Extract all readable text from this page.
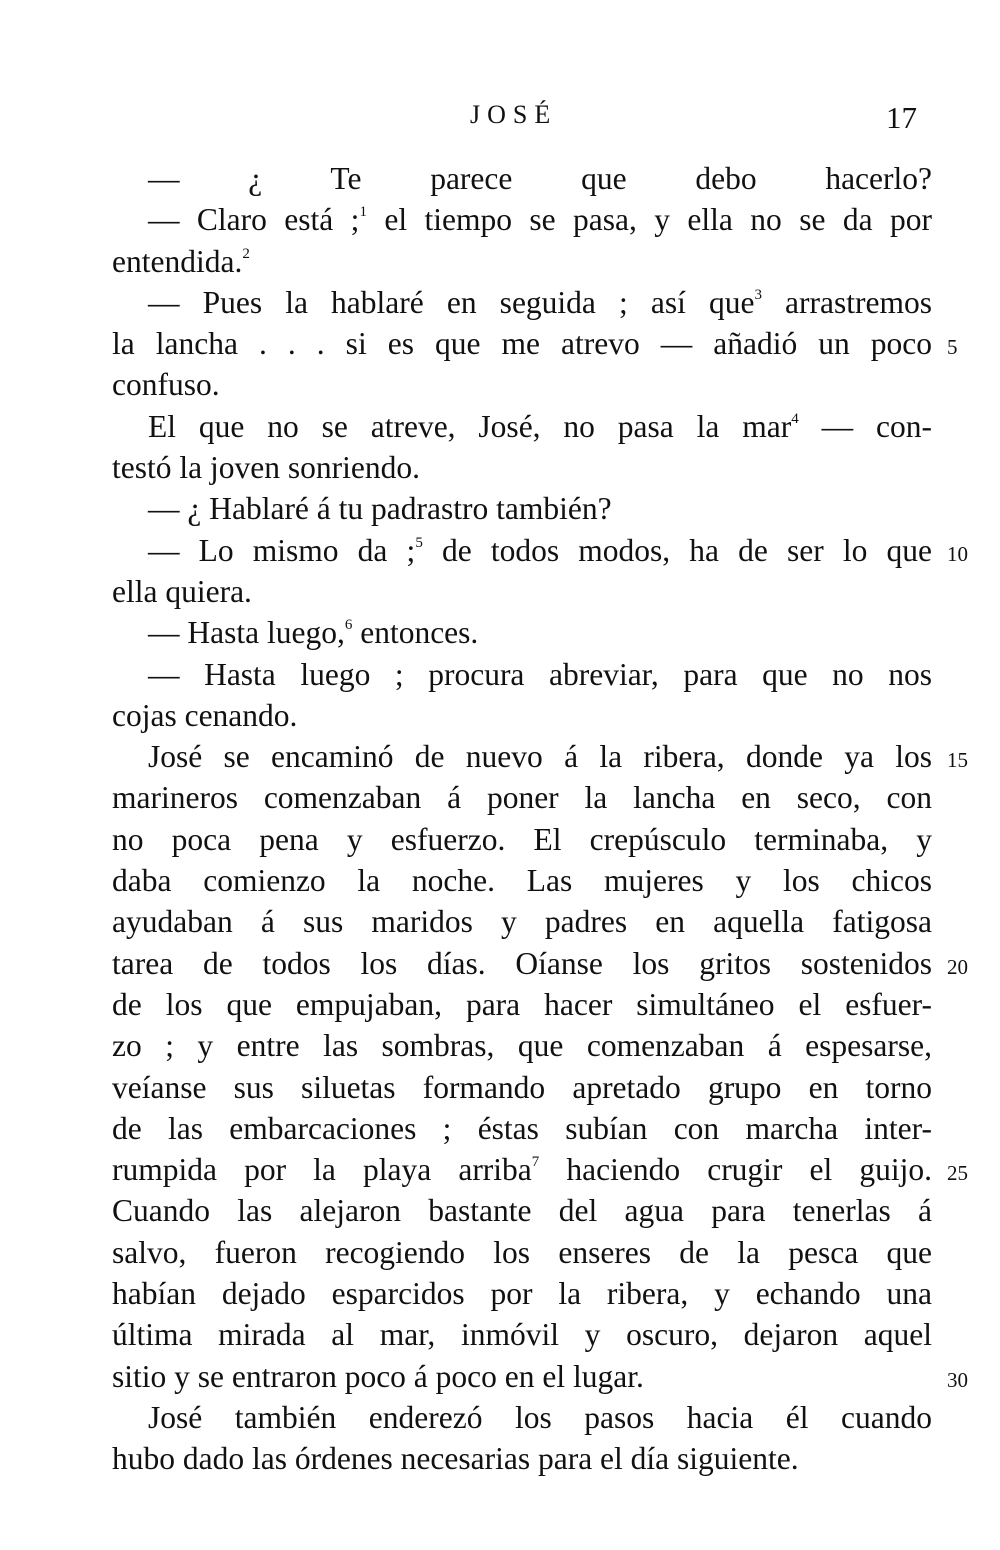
JOSÉ	17
— ¿ Te parece que debo hacerlo?
— Claro está ;$^1$ el tiempo se pasa, y ella no se da por
entendida.$^2$
— Pues la hablaré en seguida ; así que$^3$ arrastremos
la lancha . . . si es que me atrevo — añadió un poco 5
confuso.
El que no se atreve, José, no pasa la mar$^4$ — con-
testó la joven sonriendo.
— ¿ Hablaré á tu padrastro también?
— Lo mismo da ;$^5$ de todos modos, ha de ser lo que 10
ella quiera.
— Hasta luego,$^6$ entonces.
— Hasta luego ; procura abreviar, para que no nos
cojas cenando.
José se encaminó de nuevo á la ribera, donde ya los 15
marineros comenzaban á poner la lancha en seco, con
no poca pena y esfuerzo. El crepúsculo terminaba, y
daba comienzo la noche. Las mujeres y los chicos
ayudaban á sus maridos y padres en aquella fatigosa
tarea de todos los días. Oíanse los gritos sostenidos 20
de los que empujaban, para hacer simultáneo el esfuer-
zo ; y entre las sombras, que comenzaban á espesarse,
veíanse sus siluetas formando apretado grupo en torno
de las embarcaciones ; éstas subían con marcha inter-
rumpida por la playa arriba$^7$ haciendo crugir el guijo. 25
Cuando las alejaron bastante del agua para tenerlas á
salvo, fueron recogiendo los enseres de la pesca que
habían dejado esparcidos por la ribera, y echando una
última mirada al mar, inmóvil y oscuro, dejaron aquel
sitio y se entraron poco á poco en el lugar.	30
José también enderezó los pasos hacia él cuando
hubo dado las órdenes necesarias para el día siguiente.
